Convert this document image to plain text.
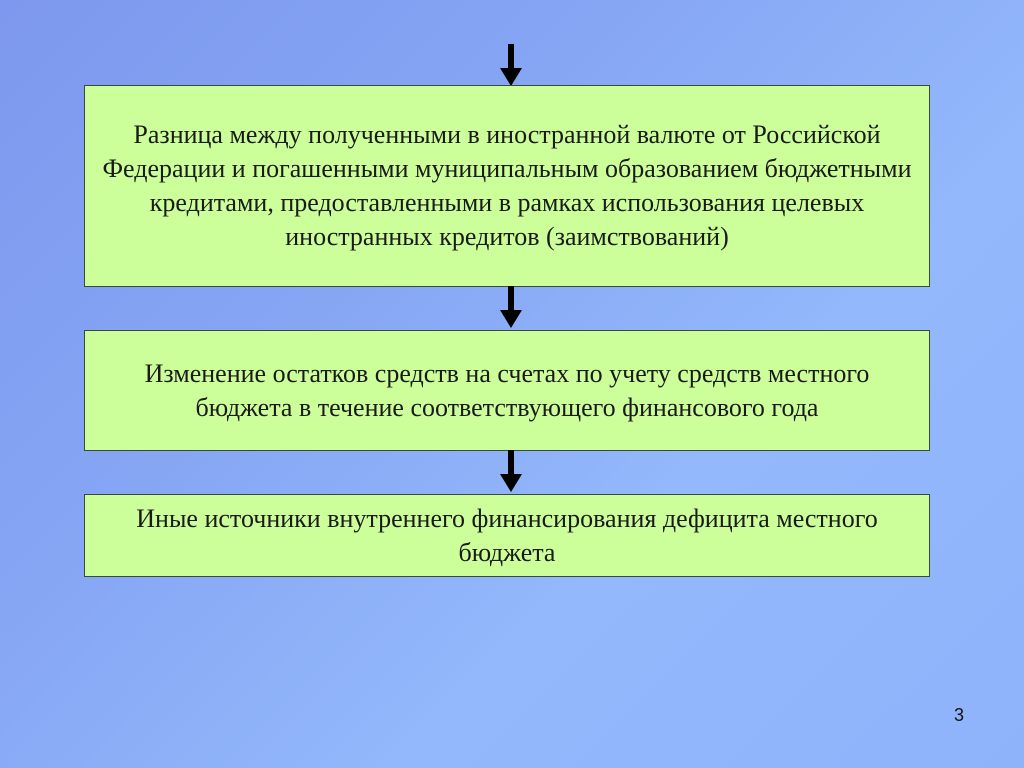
Разница между полученными в иностранной валюте от Российской Федерации и погашенными муниципальным образованием бюджетными кредитами, предоставленными в рамках использования целевых иностранных кредитов (заимствований)
Изменение остатков средств на счетах по учету средств местного бюджета в течение соответствующего финансового года
Иные источники внутреннего финансирования дефицита местного бюджета
3
